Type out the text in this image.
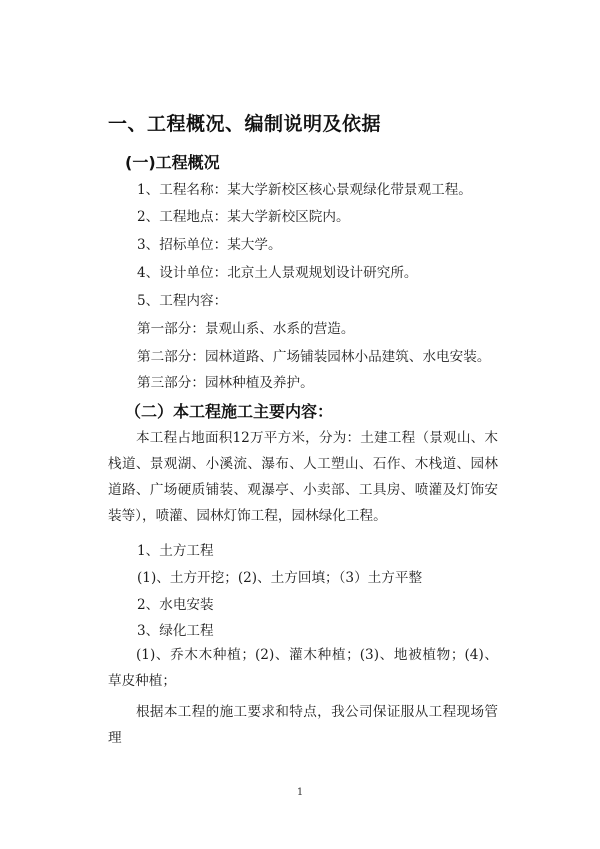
一、工程概况、编制说明及依据
(一)工程概况
1、工程名称：某大学新校区核心景观绿化带景观工程。
2、工程地点：某大学新校区院内。
3、招标单位：某大学。
4、设计单位：北京土人景观规划设计研究所。
5、工程内容：
第一部分：景观山系、水系的营造。
第二部分：园林道路、广场铺装园林小品建筑、水电安装。
第三部分：园林种植及养护。
（二）本工程施工主要内容：
本工程占地面积12万平方米，分为：土建工程（景观山、木栈道、景观湖、小溪流、瀑布、人工塑山、石作、木栈道、园林道路、广场硬质铺装、观瀑亭、小卖部、工具房、喷灌及灯饰安装等），喷灌、园林灯饰工程，园林绿化工程。
1、土方工程
(1)、土方开挖；(2)、土方回填；（3）土方平整
2、水电安装
3、绿化工程
(1)、乔木木种植；(2)、灌木种植；(3)、地被植物；(4)、草皮种植；
根据本工程的施工要求和特点，我公司保证服从工程现场管理
1
